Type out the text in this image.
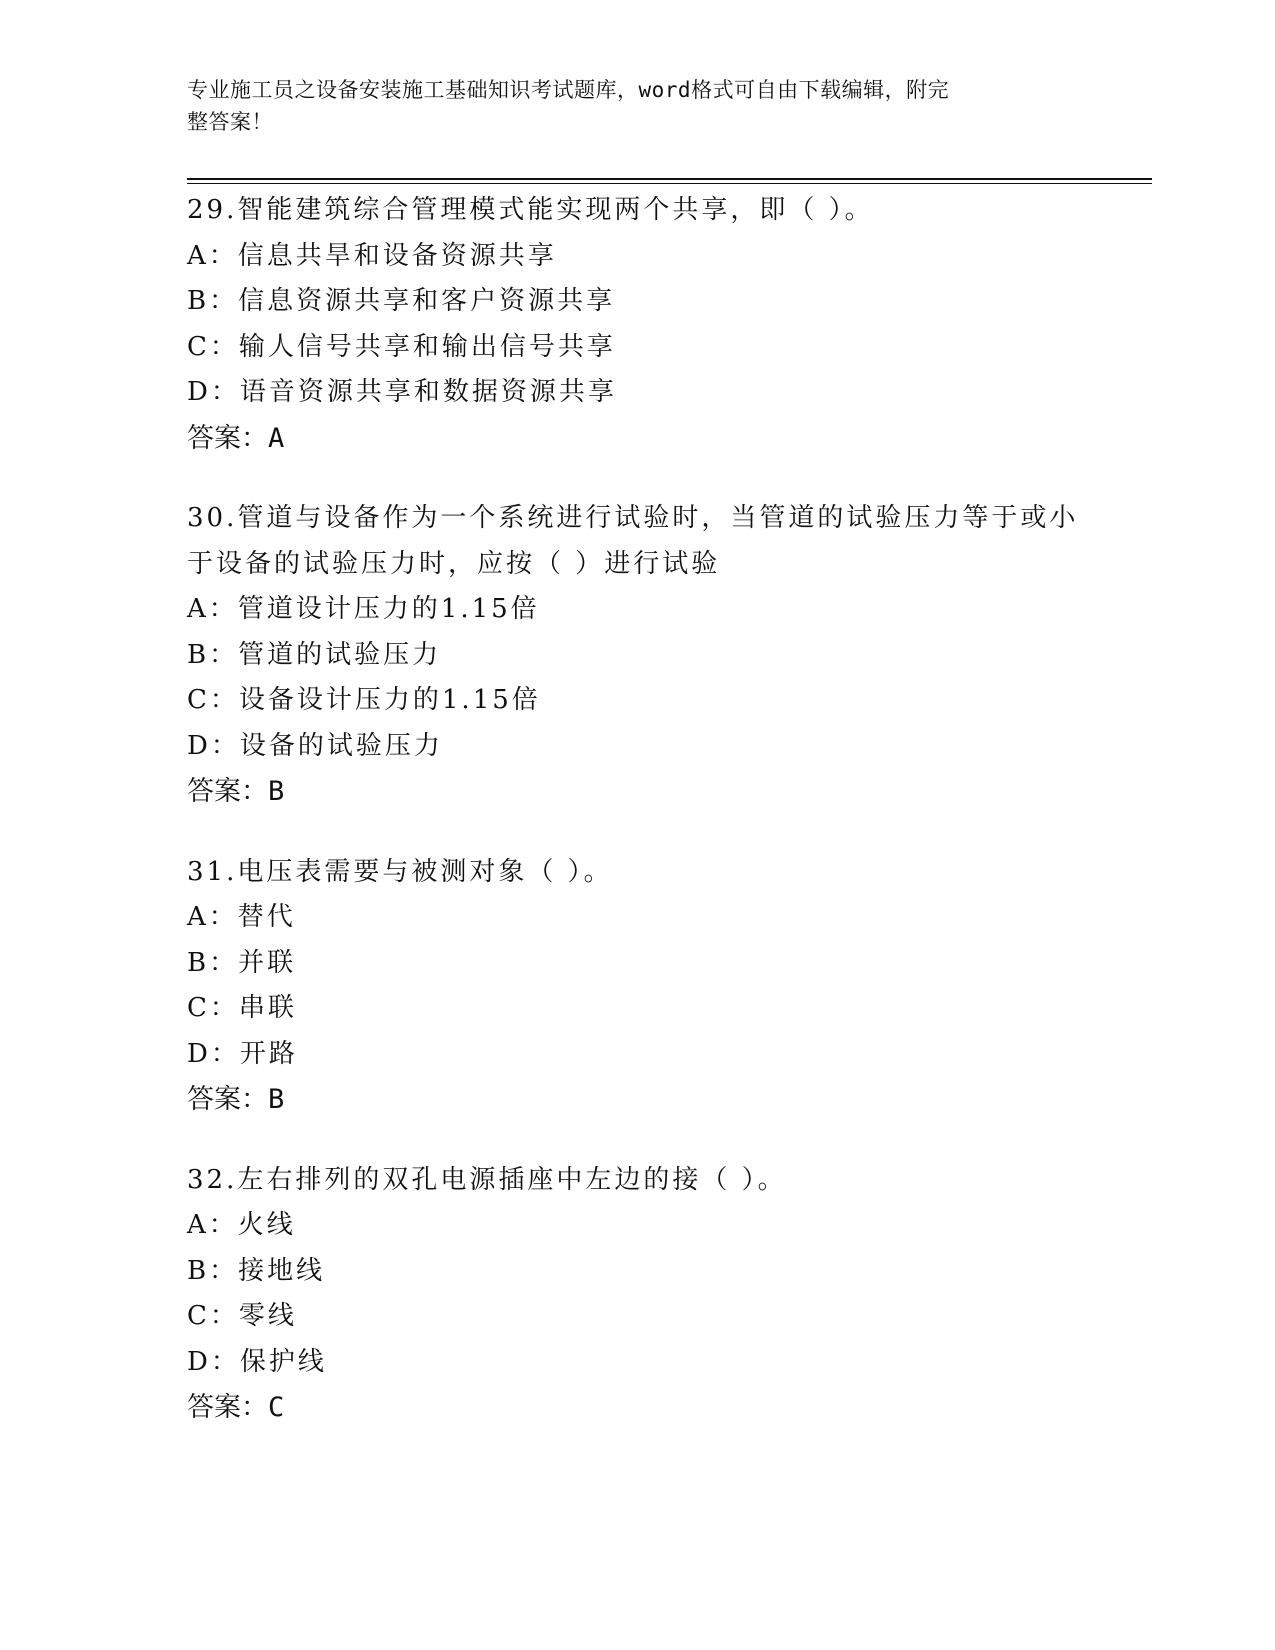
专业施工员之设备安装施工基础知识考试题库，word格式可自由下载编辑，附完
整答案！

29.智能建筑综合管理模式能实现两个共享，即（ ）。

A：信息共旱和设备资源共享

B：信息资源共享和客户资源共享

C：输人信号共享和输出信号共享

D：语音资源共享和数据资源共享

答案：A

30.管道与设备作为一个系统进行试验时，当管道的试验压力等于或小于设备的试验压力时，应按（ ）进行试验

A：管道设计压力的1.15倍

B：管道的试验压力

C：设备设计压力的1.15倍

D：设备的试验压力

答案：B

31.电压表需要与被测对象（ ）。

A：替代

B：并联

C：串联

D：开路

答案：B

32.左右排列的双孔电源插座中左边的接（ ）。

A：火线

B：接地线

C：零线

D：保护线

答案：C
